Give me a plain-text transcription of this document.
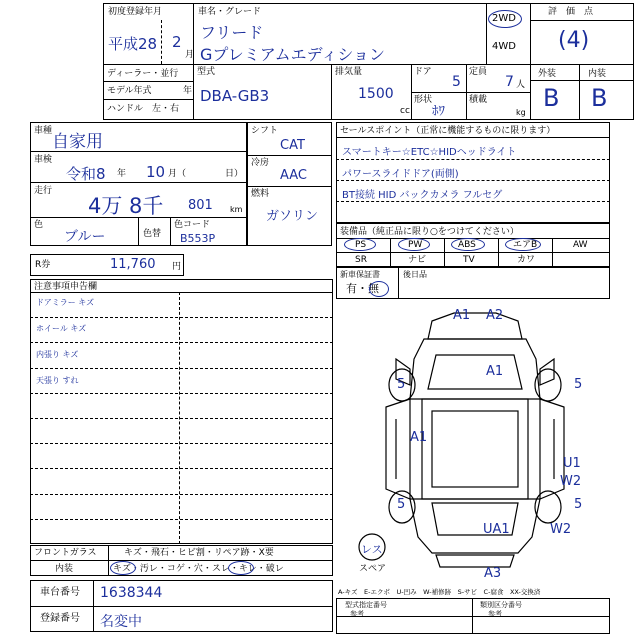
初度登録年月
平成28 2
月
車名・グレード
フリード
Gプレミアムエディション
2WD
4WD
評　価　点
(4)
外装	内装
B B
ディーラー・並行
モデル年式	年
ハンドル　左・右
型式
DBA-GB3
排気量
1500
cc
ドア
5
定員
7 人
形状
ﾎﾜ
積載
kg
車種
自家用
車検
令和8 年 10 月（	日）
走行
4万 8千 801 km
色
ブルー	色替
色コード
B553P
シフト
CAT
冷房
AAC
燃料
ガソリン
セールスポイント（正常に機能するものに限ります）
スマートキー☆ETC☆HIDヘッドライト
パワースライドドア(両側)
BT接続 HID バックカメラ フルセグ
装備品（純正品に限り○をつけてください）
PS	PW	ABS	エアB	AW
SR	ナビ	TV	カワ
R券	11,760 円
新車保証書
有・無
後日品
注意事項申告欄
ドアミラー キズ
ホイール キズ
内張り キズ
天張り すれ
フロントガラス	キズ・飛石・ヒビ割・リペア跡・X要
内装	キズ・汚レ・コゲ・穴・スレ・キレ・破レ
車台番号 1638344
登録番号 名変中
A1 A2
A1
5	5
A1
U1
W2
5	5
UA1	W2
A3
レス
スペア
A-キズ　E-エクボ　U-凹み　W-補修跡　S-サビ　C-腐食　XX-交換済
型式指定番号	類別区分番号
参考	参考
